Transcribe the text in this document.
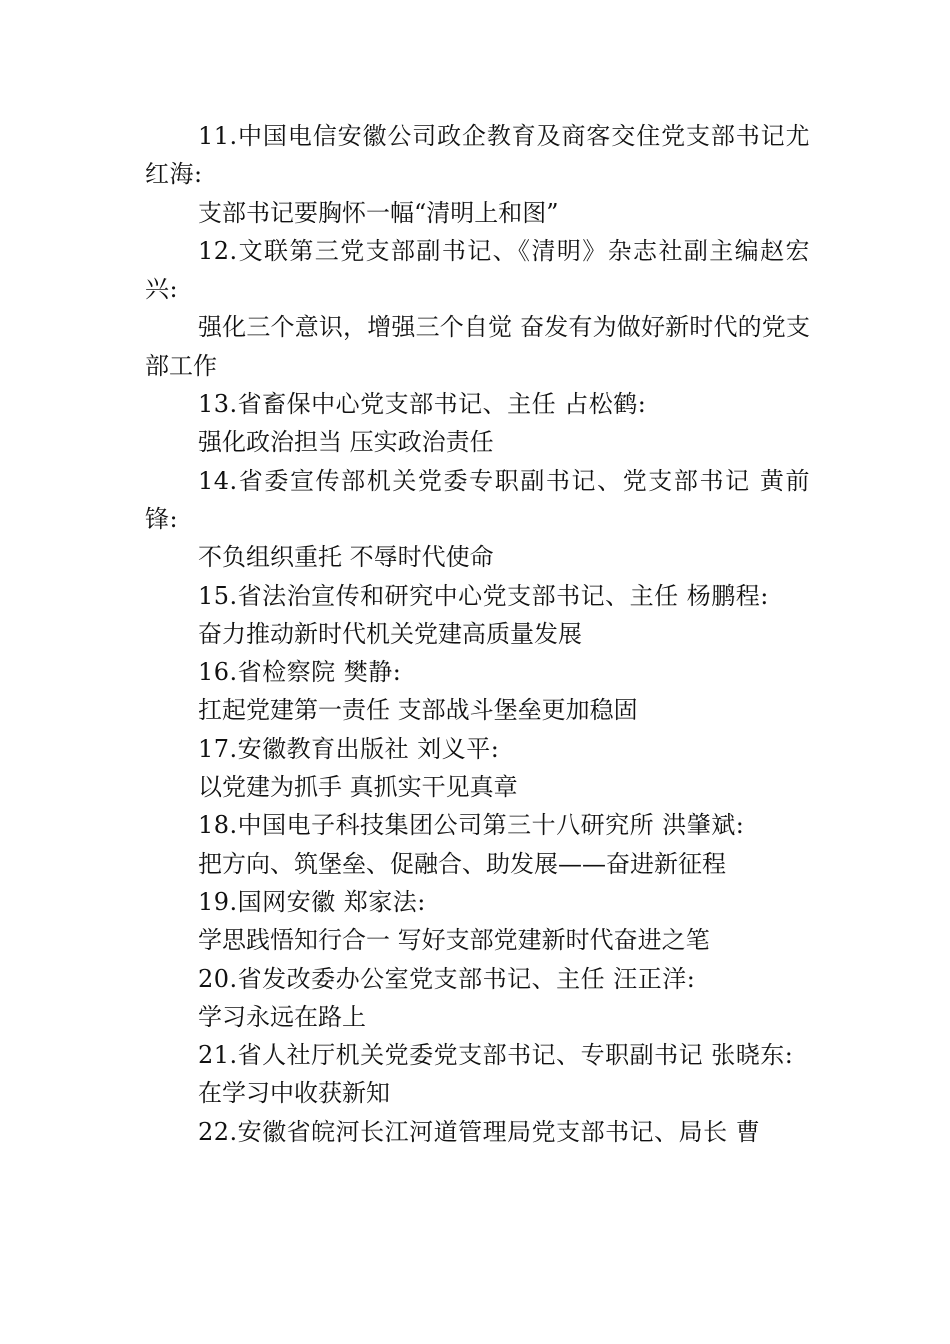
11.中国电信安徽公司政企教育及商客交住党支部书记尤红海:

支部书记要胸怀一幅“清明上和图”

12.文联第三党支部副书记、《清明》杂志社副主编赵宏兴:

强化三个意识，增强三个自觉 奋发有为做好新时代的党支部工作

13.省畜保中心党支部书记、主任 占松鹤:

强化政治担当 压实政治责任

14.省委宣传部机关党委专职副书记、党支部书记 黄前锋:

不负组织重托 不辱时代使命

15.省法治宣传和研究中心党支部书记、主任 杨鹏程:

奋力推动新时代机关党建高质量发展

16.省检察院 樊静:

扛起党建第一责任 支部战斗堡垒更加稳固

17.安徽教育出版社 刘义平:

以党建为抓手 真抓实干见真章

18.中国电子科技集团公司第三十八研究所 洪肇斌:

把方向、筑堡垒、促融合、助发展——奋进新征程

19.国网安徽 郑家法:

学思践悟知行合一 写好支部党建新时代奋进之笔

20.省发改委办公室党支部书记、主任 汪正洋:

学习永远在路上

21.省人社厅机关党委党支部书记、专职副书记 张晓东:

在学习中收获新知

22.安徽省皖河长江河道管理局党支部书记、局长 曹
